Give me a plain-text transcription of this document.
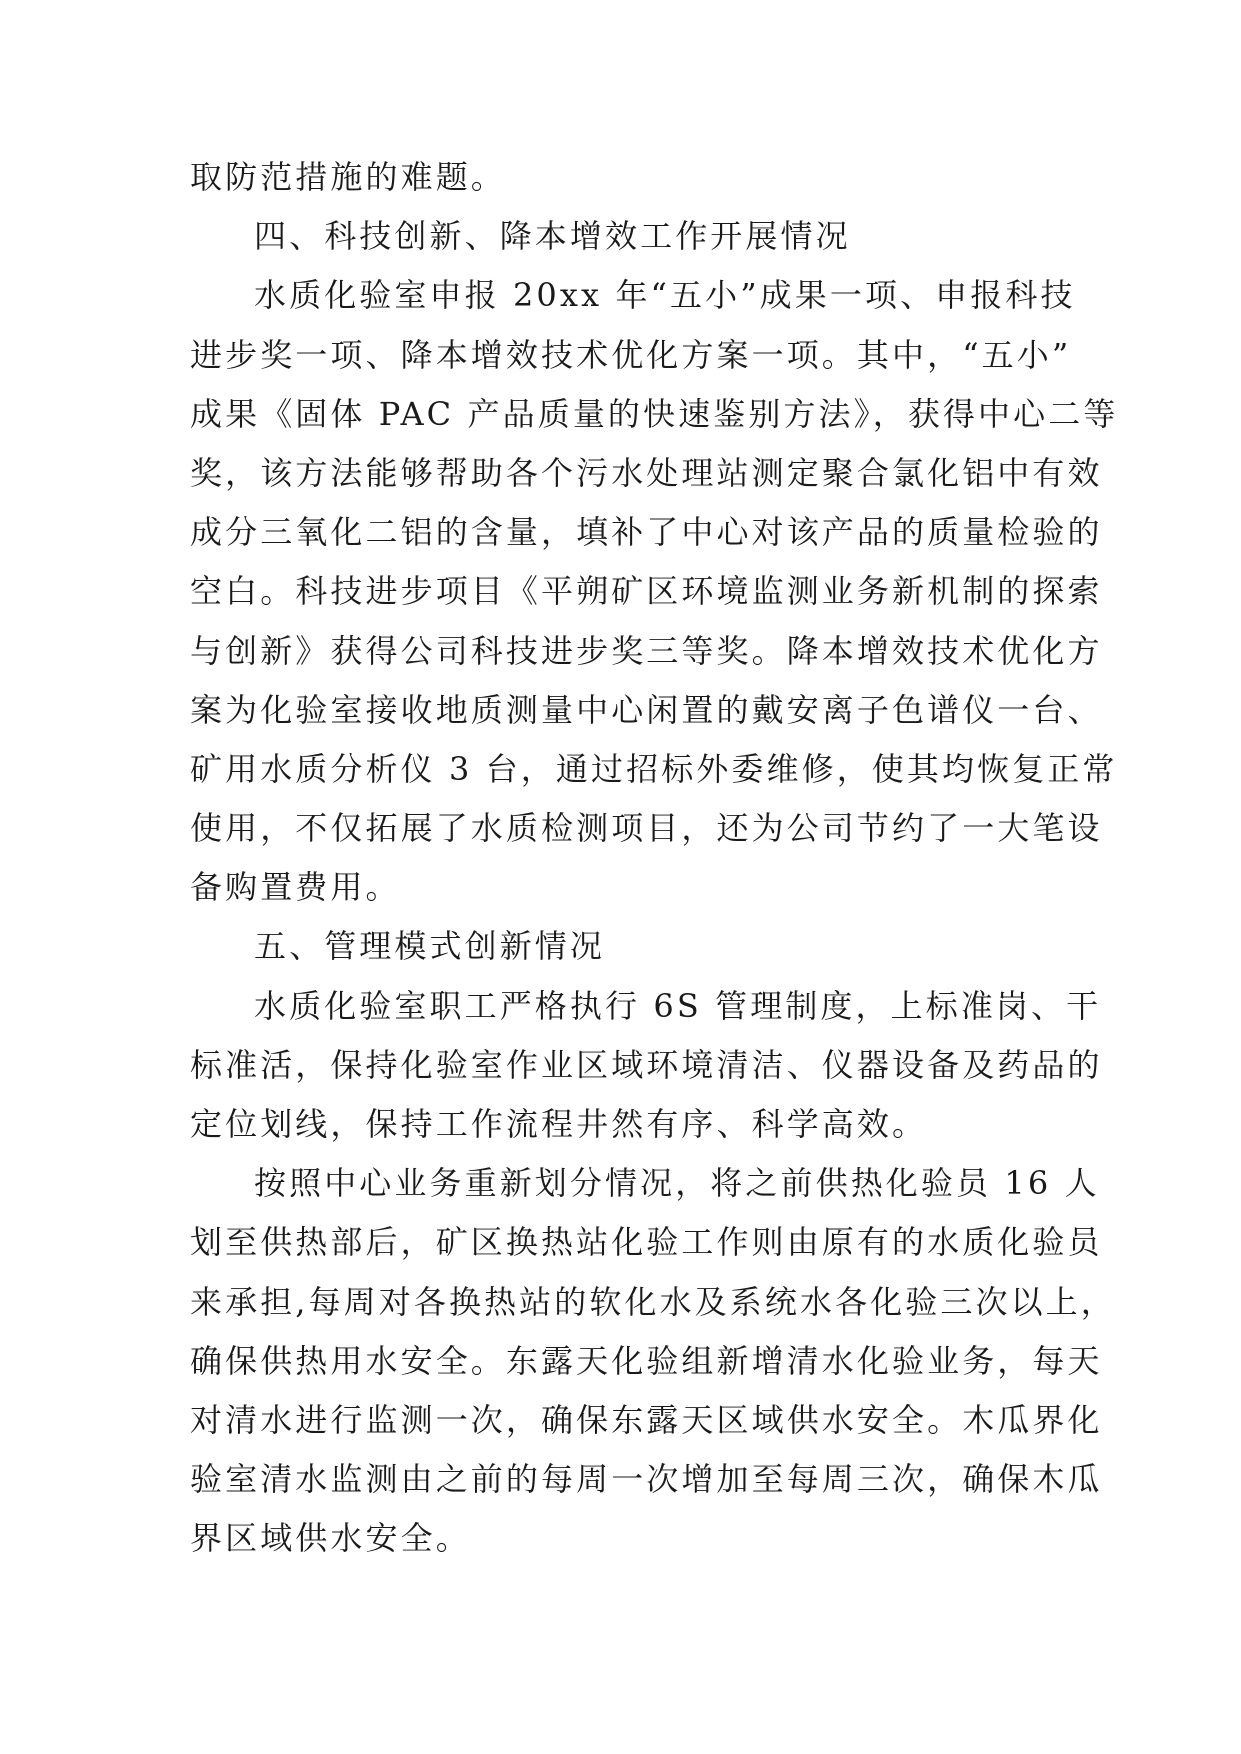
取防范措施的难题。
四、科技创新、降本增效工作开展情况
水质化验室申报 20xx 年“五小”成果一项、申报科技
进步奖一项、降本增效技术优化方案一项。其中，“五小”
成果《固体 PAC 产品质量的快速鉴别方法》，获得中心二等
奖，该方法能够帮助各个污水处理站测定聚合氯化铝中有效
成分三氧化二铝的含量，填补了中心对该产品的质量检验的
空白。科技进步项目《平朔矿区环境监测业务新机制的探索
与创新》获得公司科技进步奖三等奖。降本增效技术优化方
案为化验室接收地质测量中心闲置的戴安离子色谱仪一台、
矿用水质分析仪 3 台，通过招标外委维修，使其均恢复正常
使用，不仅拓展了水质检测项目，还为公司节约了一大笔设
备购置费用。
五、管理模式创新情况
水质化验室职工严格执行 6S 管理制度，上标准岗、干
标准活，保持化验室作业区域环境清洁、仪器设备及药品的
定位划线，保持工作流程井然有序、科学高效。
按照中心业务重新划分情况，将之前供热化验员 16 人
划至供热部后，矿区换热站化验工作则由原有的水质化验员
来承担,每周对各换热站的软化水及系统水各化验三次以上，
确保供热用水安全。东露天化验组新增清水化验业务，每天
对清水进行监测一次，确保东露天区域供水安全。木瓜界化
验室清水监测由之前的每周一次增加至每周三次，确保木瓜
界区域供水安全。
